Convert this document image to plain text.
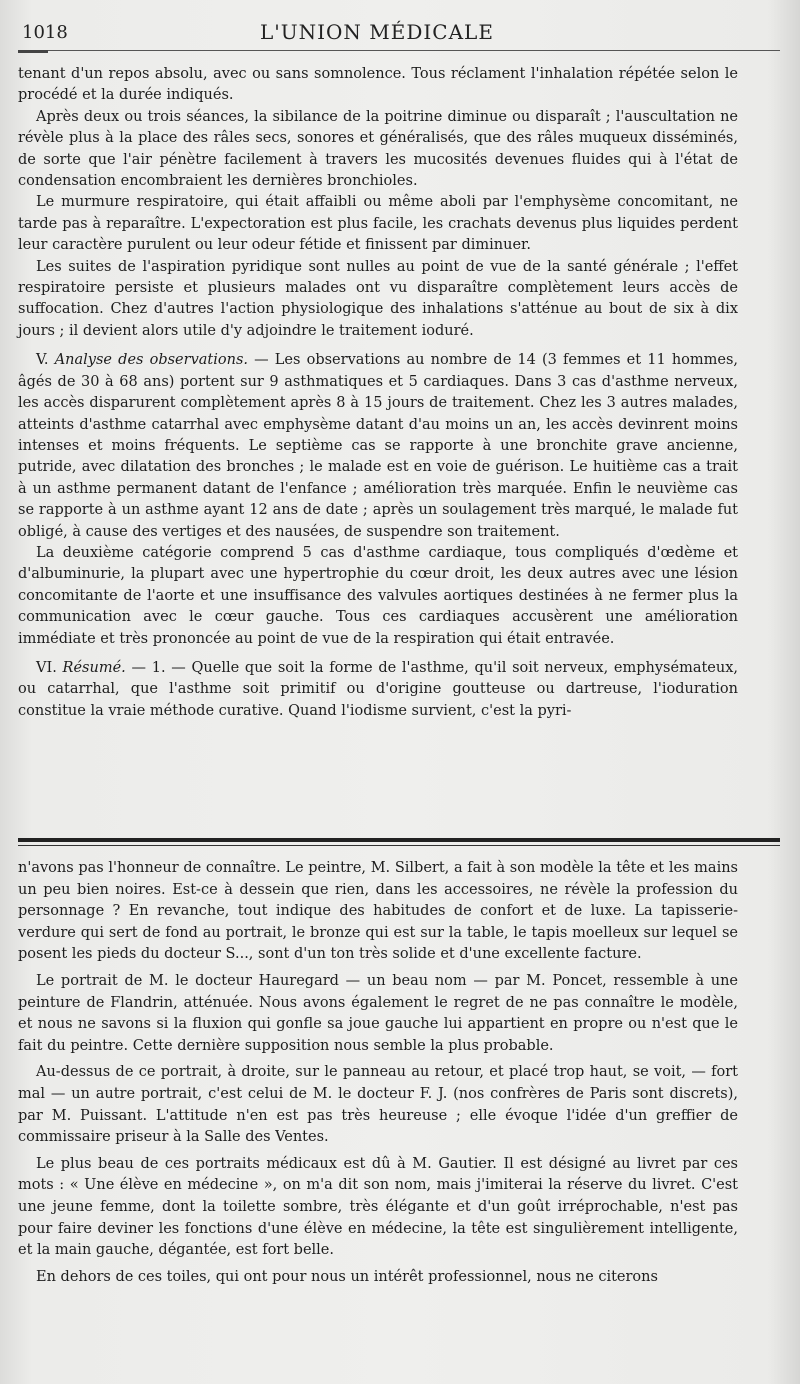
1018	L'UNION MÉDICALE

tenant d'un repos absolu, avec ou sans somnolence. Tous réclament l'inhalation répétée selon le procédé et la durée indiqués.

Après deux ou trois séances, la sibilance de la poitrine diminue ou disparaît ; l'auscultation ne révèle plus à la place des râles secs, sonores et généralisés, que des râles muqueux disséminés, de sorte que l'air pénètre facilement à travers les mucosités devenues fluides qui à l'état de condensation encombraient les dernières bronchioles.

Le murmure respiratoire, qui était affaibli ou même aboli par l'emphysème concomitant, ne tarde pas à reparaître. L'expectoration est plus facile, les crachats devenus plus liquides perdent leur caractère purulent ou leur odeur fétide et finissent par diminuer.

Les suites de l'aspiration pyridique sont nulles au point de vue de la santé générale ; l'effet respiratoire persiste et plusieurs malades ont vu disparaître complètement leurs accès de suffocation. Chez d'autres l'action physiologique des inhalations s'atténue au bout de six à dix jours ; il devient alors utile d'y adjoindre le traitement ioduré.

V. Analyse des observations. — Les observations au nombre de 14 (3 femmes et 11 hommes, âgés de 30 à 68 ans) portent sur 9 asthmatiques et 5 cardiaques. Dans 3 cas d'asthme nerveux, les accès disparurent complètement après 8 à 15 jours de traitement. Chez les 3 autres malades, atteints d'asthme catarrhal avec emphysème datant d'au moins un an, les accès devinrent moins intenses et moins fréquents. Le septième cas se rapporte à une bronchite grave ancienne, putride, avec dilatation des bronches ; le malade est en voie de guérison. Le huitième cas a trait à un asthme permanent datant de l'enfance ; amélioration très marquée. Enfin le neuvième cas se rapporte à un asthme ayant 12 ans de date ; après un soulagement très marqué, le malade fut obligé, à cause des vertiges et des nausées, de suspendre son traitement.

La deuxième catégorie comprend 5 cas d'asthme cardiaque, tous compliqués d'œdème et d'albuminurie, la plupart avec une hypertrophie du cœur droit, les deux autres avec une lésion concomitante de l'aorte et une insuffisance des valvules aortiques destinées à ne fermer plus la communication avec le cœur gauche. Tous ces cardiaques accusèrent une amélioration immédiate et très prononcée au point de vue de la respiration qui était entravée.

VI. Résumé. — 1. — Quelle que soit la forme de l'asthme, qu'il soit nerveux, emphysémateux, ou catarrhal, que l'asthme soit primitif ou d'origine goutteuse ou dartreuse, l'ioduration constitue la vraie méthode curative. Quand l'iodisme survient, c'est la pyri-

n'avons pas l'honneur de connaître. Le peintre, M. Silbert, a fait à son modèle la tête et les mains un peu bien noires. Est-ce à dessein que rien, dans les accessoires, ne révèle la profession du personnage ? En revanche, tout indique des habitudes de confort et de luxe. La tapisserie-verdure qui sert de fond au portrait, le bronze qui est sur la table, le tapis moelleux sur lequel se posent les pieds du docteur S..., sont d'un ton très solide et d'une excellente facture.

Le portrait de M. le docteur Hauregard — un beau nom — par M. Poncet, ressemble à une peinture de Flandrin, atténuée. Nous avons également le regret de ne pas connaître le modèle, et nous ne savons si la fluxion qui gonfle sa joue gauche lui appartient en propre ou n'est que le fait du peintre. Cette dernière supposition nous semble la plus probable.

Au-dessus de ce portrait, à droite, sur le panneau au retour, et placé trop haut, se voit, — fort mal — un autre portrait, c'est celui de M. le docteur F. J. (nos confrères de Paris sont discrets), par M. Puissant. L'attitude n'en est pas très heureuse ; elle évoque l'idée d'un greffier de commissaire priseur à la Salle des Ventes.

Le plus beau de ces portraits médicaux est dû à M. Gautier. Il est désigné au livret par ces mots : « Une élève en médecine », on m'a dit son nom, mais j'imiterai la réserve du livret. C'est une jeune femme, dont la toilette sombre, très élégante et d'un goût irréprochable, n'est pas pour faire deviner les fonctions d'une élève en médecine, la tête est singulièrement intelligente, et la main gauche, dégantée, est fort belle.

En dehors de ces toiles, qui ont pour nous un intérêt professionnel, nous ne citerons
